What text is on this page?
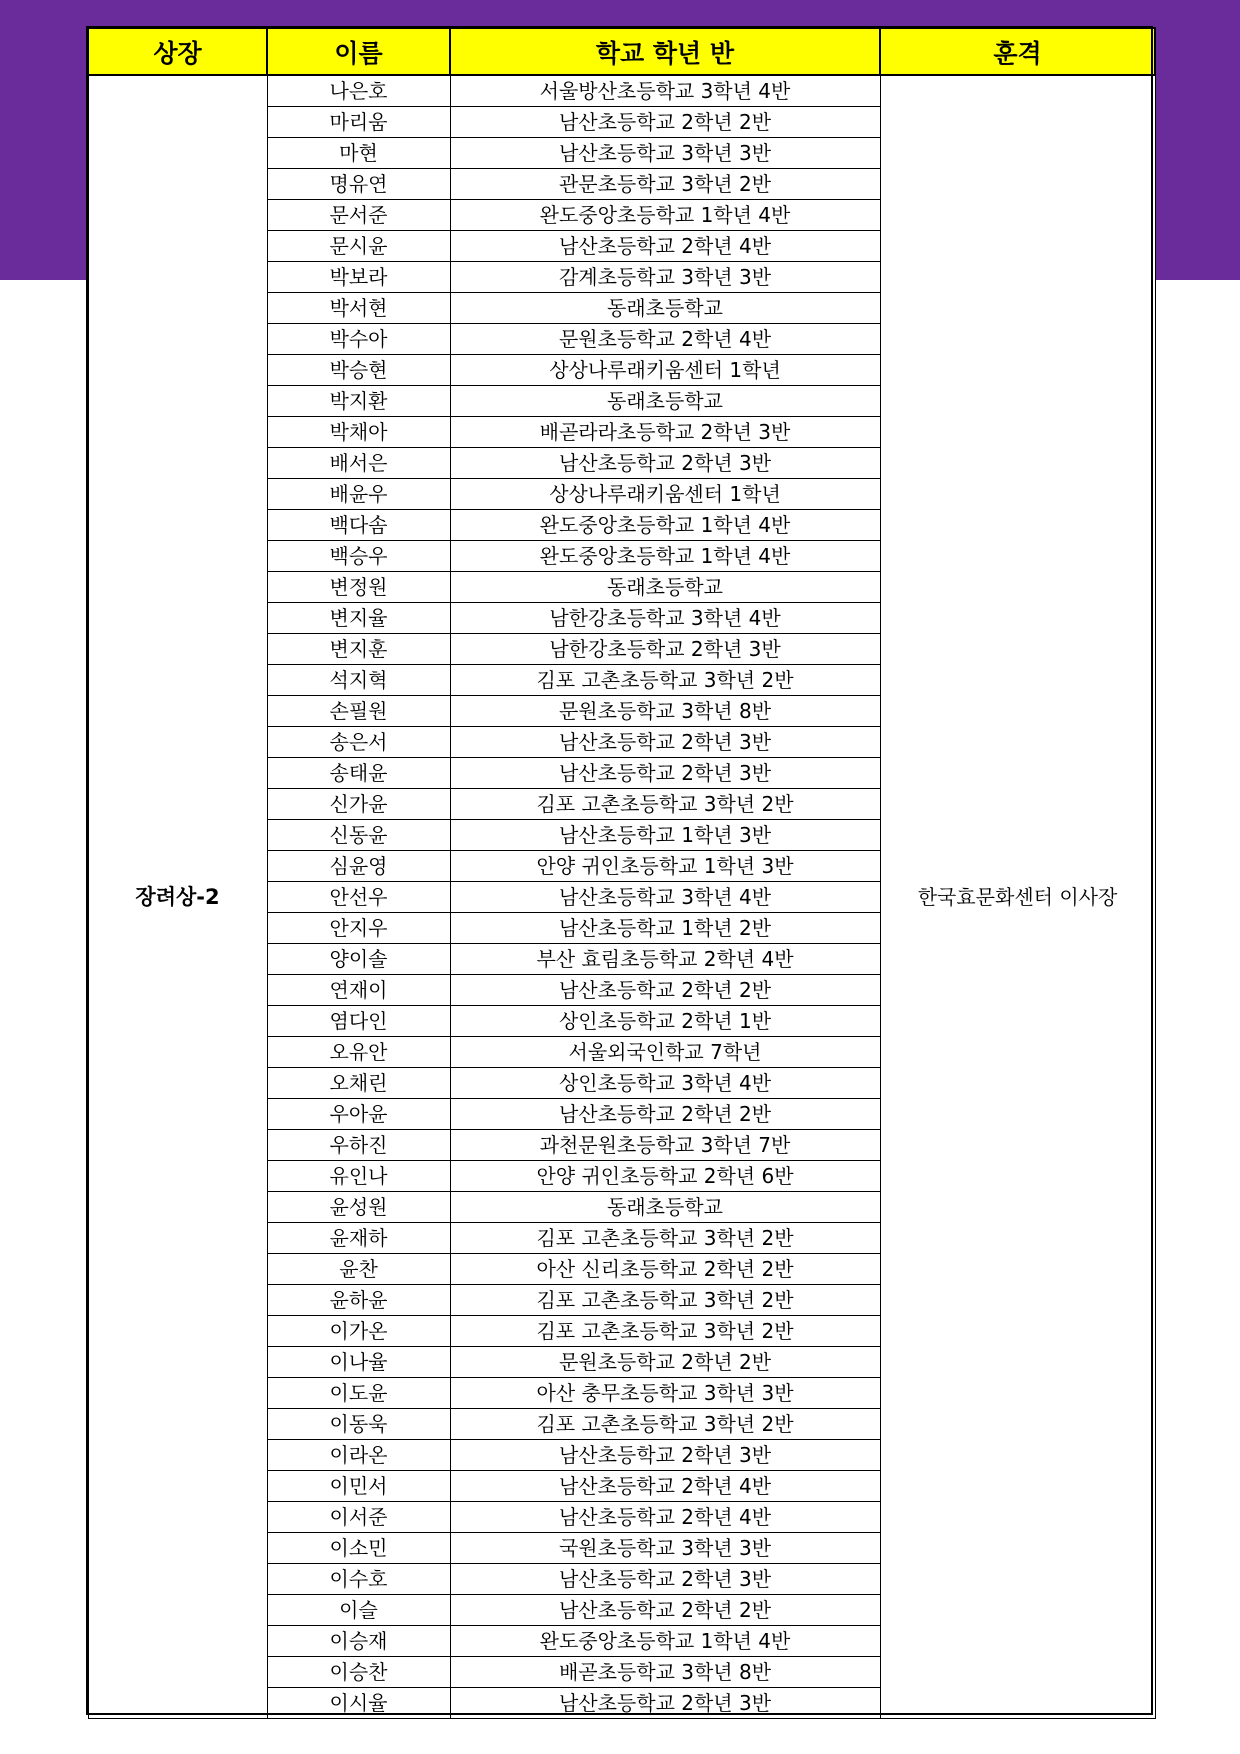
상장	이름	학교 학년 반	훈격
장려상-2	나은호	서울방산초등학교 3학년 4반	한국효문화센터 이사장
	마리움	남산초등학교 2학년 2반	
	마현	남산초등학교 3학년 3반	
	명유연	관문초등학교 3학년 2반	
	문서준	완도중앙초등학교 1학년 4반	
	문시윤	남산초등학교 2학년 4반	
	박보라	감계초등학교 3학년 3반	
	박서현	동래초등학교	
	박수아	문원초등학교 2학년 4반	
	박승현	상상나루래키움센터 1학년	
	박지환	동래초등학교	
	박채아	배곧라라초등학교 2학년 3반	
	배서은	남산초등학교 2학년 3반	
	배윤우	상상나루래키움센터 1학년	
	백다솜	완도중앙초등학교 1학년 4반	
	백승우	완도중앙초등학교 1학년 4반	
	변정원	동래초등학교	
	변지율	남한강초등학교 3학년 4반	
	변지훈	남한강초등학교 2학년 3반	
	석지혁	김포 고촌초등학교 3학년 2반	
	손필원	문원초등학교 3학년 8반	
	송은서	남산초등학교 2학년 3반	
	송태윤	남산초등학교 2학년 3반	
	신가윤	김포 고촌초등학교 3학년 2반	
	신동윤	남산초등학교 1학년 3반	
	심윤영	안양 귀인초등학교 1학년 3반	
	안선우	남산초등학교 3학년 4반	
	안지우	남산초등학교 1학년 2반	
	양이솔	부산 효림초등학교 2학년 4반	
	연재이	남산초등학교 2학년 2반	
	염다인	상인초등학교 2학년 1반	
	오유안	서울외국인학교 7학년	
	오채린	상인초등학교 3학년 4반	
	우아윤	남산초등학교 2학년 2반	
	우하진	과천문원초등학교 3학년 7반	
	유인나	안양 귀인초등학교 2학년 6반	
	윤성원	동래초등학교	
	윤재하	김포 고촌초등학교 3학년 2반	
	윤찬	아산 신리초등학교 2학년 2반	
	윤하윤	김포 고촌초등학교 3학년 2반	
	이가온	김포 고촌초등학교 3학년 2반	
	이나율	문원초등학교 2학년 2반	
	이도윤	아산 충무초등학교 3학년 3반	
	이동욱	김포 고촌초등학교 3학년 2반	
	이라온	남산초등학교 2학년 3반	
	이민서	남산초등학교 2학년 4반	
	이서준	남산초등학교 2학년 4반	
	이소민	국원초등학교 3학년 3반	
	이수호	남산초등학교 2학년 3반	
	이슬	남산초등학교 2학년 2반	
	이승재	완도중앙초등학교 1학년 4반	
	이승찬	배곧초등학교 3학년 8반	
	이시율	남산초등학교 2학년 3반	
